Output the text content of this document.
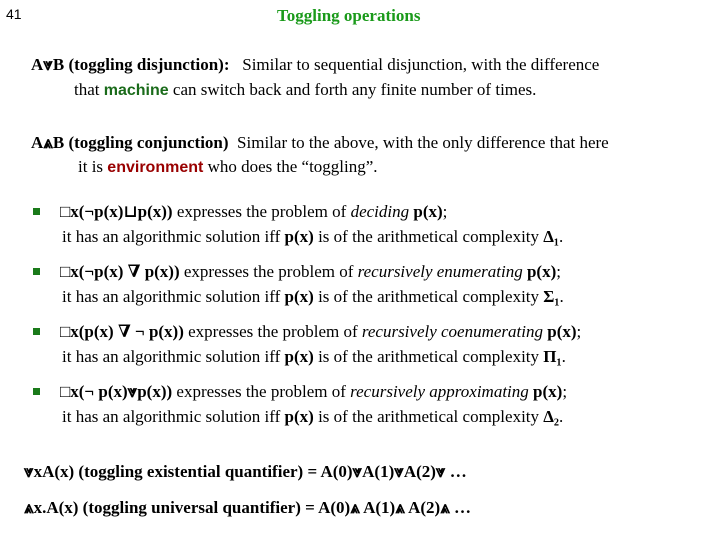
41	Toggling operations
A⩔B (toggling disjunction): Similar to sequential disjunction, with the difference
that machine can switch back and forth any finite number of times.
A⩓B (toggling conjunction) Similar to the above, with the only difference that here
it is environment who does the “toggling”.
□x(¬p(x)⊔p(x)) expresses the problem of deciding p(x);
it has an algorithmic solution iff p(x) is of the arithmetical complexity Δ₁.
□x(¬p(x) ∇ p(x)) expresses the problem of recursively enumerating p(x);
it has an algorithmic solution iff p(x) is of the arithmetical complexity Σ₁.
□x(p(x) ∇ ¬ p(x)) expresses the problem of recursively coenumerating p(x);
it has an algorithmic solution iff p(x) is of the arithmetical complexity Π₁.
□x(¬ p(x)⩔p(x)) expresses the problem of recursively approximating p(x);
it has an algorithmic solution iff p(x) is of the arithmetical complexity Δ₂.
⩔xA(x) (toggling existential quantifier) = A(0)⩔A(1)⩔A(2)⩔ …
⩓x.A(x) (toggling universal quantifier) = A(0)⩓ A(1)⩓ A(2)⩓ …
